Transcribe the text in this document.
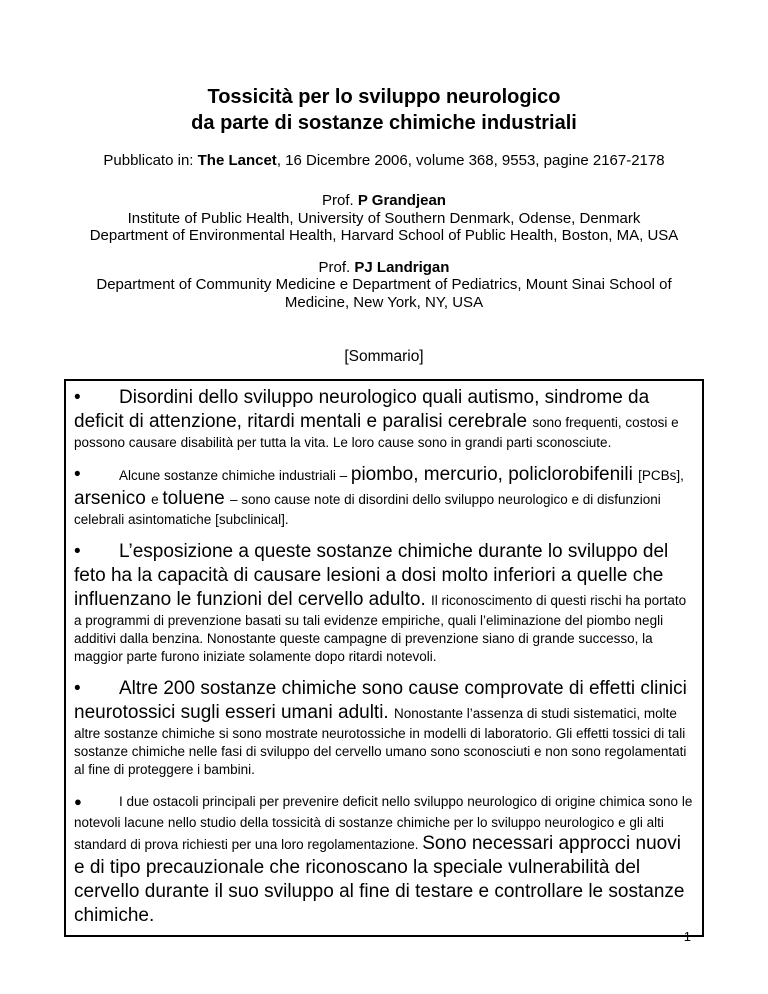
Tossicità per lo sviluppo neurologico
da parte di sostanze chimiche industriali
Pubblicato in: The Lancet, 16 Dicembre 2006, volume 368, 9553, pagine 2167-2178
Prof. P Grandjean
Institute of Public Health, University of Southern Denmark, Odense, Denmark
Department of Environmental Health, Harvard School of Public Health, Boston, MA, USA
Prof. PJ Landrigan
Department of Community Medicine e Department of Pediatrics, Mount Sinai School of Medicine, New York, NY, USA
[Sommario]

• Disordini dello sviluppo neurologico quali autismo, sindrome da deficit di attenzione, ritardi mentali e paralisi cerebrale sono frequenti, costosi e possono causare disabilità per tutta la vita. Le loro cause sono in grandi parti sconosciute.

•	Alcune sostanze chimiche industriali – piombo, mercurio, policlorobifenili [PCBs], arsenico e toluene – sono cause note di disordini dello sviluppo neurologico e di disfunzioni celebrali asintomatiche [subclinical].

• L’esposizione a queste sostanze chimiche durante lo sviluppo del feto ha la capacità di causare lesioni a dosi molto inferiori a quelle che influenzano le funzioni del cervello adulto. Il riconoscimento di questi rischi ha portato a programmi di prevenzione basati su tali evidenze empiriche, quali l’eliminazione del piombo negli additivi dalla benzina. Nonostante queste campagne di prevenzione siano di grande successo, la maggior parte furono iniziate solamente dopo ritardi notevoli.

• Altre 200 sostanze chimiche sono cause comprovate di effetti clinici neurotossici sugli esseri umani adulti. Nonostante l’assenza di studi sistematici, molte altre sostanze chimiche si sono mostrate neurotossiche in modelli di laboratorio. Gli effetti tossici di tali sostanze chimiche nelle fasi di sviluppo del cervello umano sono sconosciuti e non sono regolamentati al fine di proteggere i bambini.

●	I due ostacoli principali per prevenire deficit nello sviluppo neurologico di origine chimica sono le notevoli lacune nello studio della tossicità di sostanze chimiche per lo sviluppo neurologico e gli alti standard di prova richiesti per una loro regolamentazione. Sono necessari approcci nuovi e di tipo precauzionale che riconoscano la speciale vulnerabilità del cervello durante il suo sviluppo al fine di testare e controllare le sostanze chimiche.

1
